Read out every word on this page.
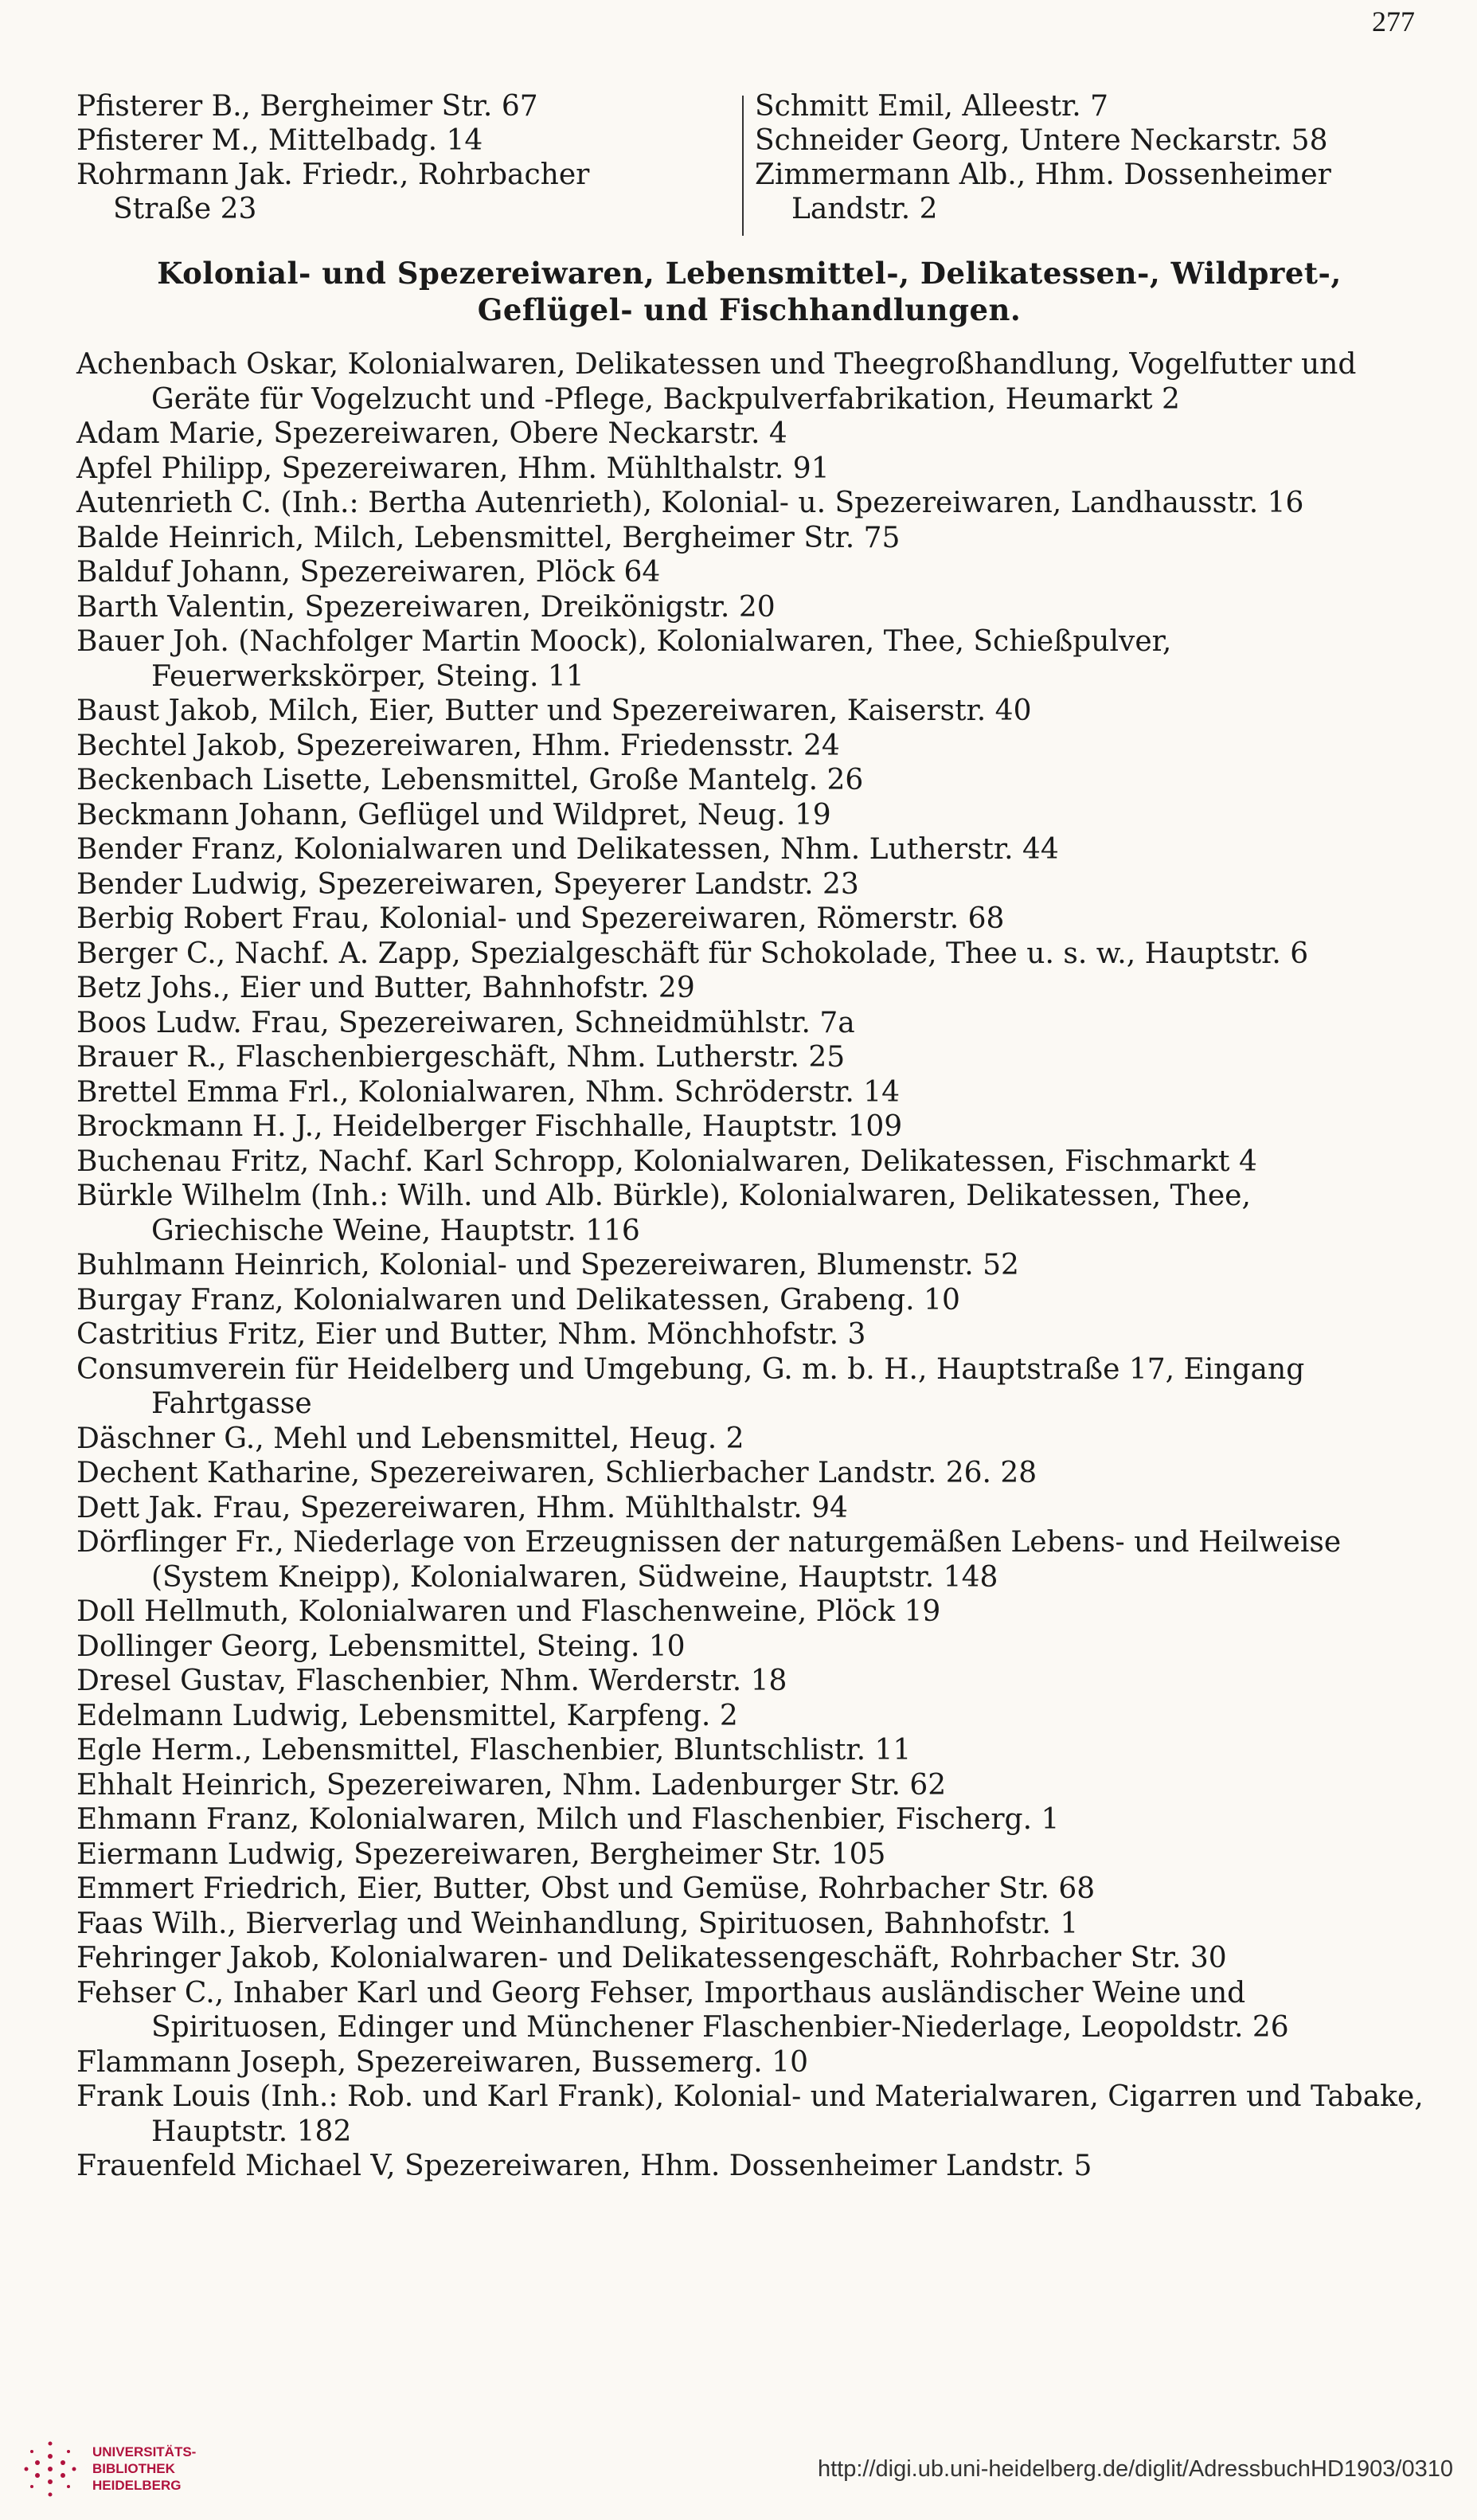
277
Pfisterer B., Bergheimer Str. 67
Pfisterer M., Mittelbadg. 14
Rohrmann Jak. Friedr., Rohrbacher
Straße 23
Schmitt Emil, Alleestr. 7
Schneider Georg, Untere Neckarstr. 58
Zimmermann Alb., Hhm. Dossenheimer
Landstr. 2
Kolonial- und Spezereiwaren, Lebensmittel-, Delikatessen-, Wildpret-,
Geflügel- und Fischhandlungen.
Achenbach Oskar, Kolonialwaren, Delikatessen und Theegroßhandlung, Vogelfutter und Geräte für Vogelzucht und -Pflege, Backpulverfabrikation, Heumarkt 2
Adam Marie, Spezereiwaren, Obere Neckarstr. 4
Apfel Philipp, Spezereiwaren, Hhm. Mühlthalstr. 91
Autenrieth C. (Inh.: Bertha Autenrieth), Kolonial- u. Spezereiwaren, Landhausstr. 16
Balde Heinrich, Milch, Lebensmittel, Bergheimer Str. 75
Balduf Johann, Spezereiwaren, Plöck 64
Barth Valentin, Spezereiwaren, Dreikönigstr. 20
Bauer Joh. (Nachfolger Martin Moock), Kolonialwaren, Thee, Schießpulver, Feuerwerkskörper, Steing. 11
Baust Jakob, Milch, Eier, Butter und Spezereiwaren, Kaiserstr. 40
Bechtel Jakob, Spezereiwaren, Hhm. Friedensstr. 24
Beckenbach Lisette, Lebensmittel, Große Mantelg. 26
Beckmann Johann, Geflügel und Wildpret, Neug. 19
Bender Franz, Kolonialwaren und Delikatessen, Nhm. Lutherstr. 44
Bender Ludwig, Spezereiwaren, Speyerer Landstr. 23
Berbig Robert Frau, Kolonial- und Spezereiwaren, Römerstr. 68
Berger C., Nachf. A. Zapp, Spezialgeschäft für Schokolade, Thee u. s. w., Hauptstr. 6
Betz Johs., Eier und Butter, Bahnhofstr. 29
Boos Ludw. Frau, Spezereiwaren, Schneidmühlstr. 7a
Brauer R., Flaschenbiergeschäft, Nhm. Lutherstr. 25
Brettel Emma Frl., Kolonialwaren, Nhm. Schröderstr. 14
Brockmann H. J., Heidelberger Fischhalle, Hauptstr. 109
Buchenau Fritz, Nachf. Karl Schropp, Kolonialwaren, Delikatessen, Fischmarkt 4
Bürkle Wilhelm (Inh.: Wilh. und Alb. Bürkle), Kolonialwaren, Delikatessen, Thee, Griechische Weine, Hauptstr. 116
Buhlmann Heinrich, Kolonial- und Spezereiwaren, Blumenstr. 52
Burgay Franz, Kolonialwaren und Delikatessen, Grabeng. 10
Castritius Fritz, Eier und Butter, Nhm. Mönchhofstr. 3
Consumverein für Heidelberg und Umgebung, G. m. b. H., Hauptstraße 17, Eingang Fahrtgasse
Däschner G., Mehl und Lebensmittel, Heug. 2
Dechent Katharine, Spezereiwaren, Schlierbacher Landstr. 26. 28
Dett Jak. Frau, Spezereiwaren, Hhm. Mühlthalstr. 94
Dörflinger Fr., Niederlage von Erzeugnissen der naturgemäßen Lebens- und Heilweise (System Kneipp), Kolonialwaren, Südweine, Hauptstr. 148
Doll Hellmuth, Kolonialwaren und Flaschenweine, Plöck 19
Dollinger Georg, Lebensmittel, Steing. 10
Dresel Gustav, Flaschenbier, Nhm. Werderstr. 18
Edelmann Ludwig, Lebensmittel, Karpfeng. 2
Egle Herm., Lebensmittel, Flaschenbier, Bluntschlistr. 11
Ehhalt Heinrich, Spezereiwaren, Nhm. Ladenburger Str. 62
Ehmann Franz, Kolonialwaren, Milch und Flaschenbier, Fischerg. 1
Eiermann Ludwig, Spezereiwaren, Bergheimer Str. 105
Emmert Friedrich, Eier, Butter, Obst und Gemüse, Rohrbacher Str. 68
Faas Wilh., Bierverlag und Weinhandlung, Spirituosen, Bahnhofstr. 1
Fehringer Jakob, Kolonialwaren- und Delikatessengeschäft, Rohrbacher Str. 30
Fehser C., Inhaber Karl und Georg Fehser, Importhaus ausländischer Weine und Spirituosen, Edinger und Münchener Flaschenbier-Niederlage, Leopoldstr. 26
Flammann Joseph, Spezereiwaren, Bussemerg. 10
Frank Louis (Inh.: Rob. und Karl Frank), Kolonial- und Materialwaren, Cigarren und Tabake, Hauptstr. 182
Frauenfeld Michael V, Spezereiwaren, Hhm. Dossenheimer Landstr. 5
UNIVERSITÄTS-
BIBLIOTHEK
HEIDELBERG
http://digi.ub.uni-heidelberg.de/diglit/AdressbuchHD1903/0310
